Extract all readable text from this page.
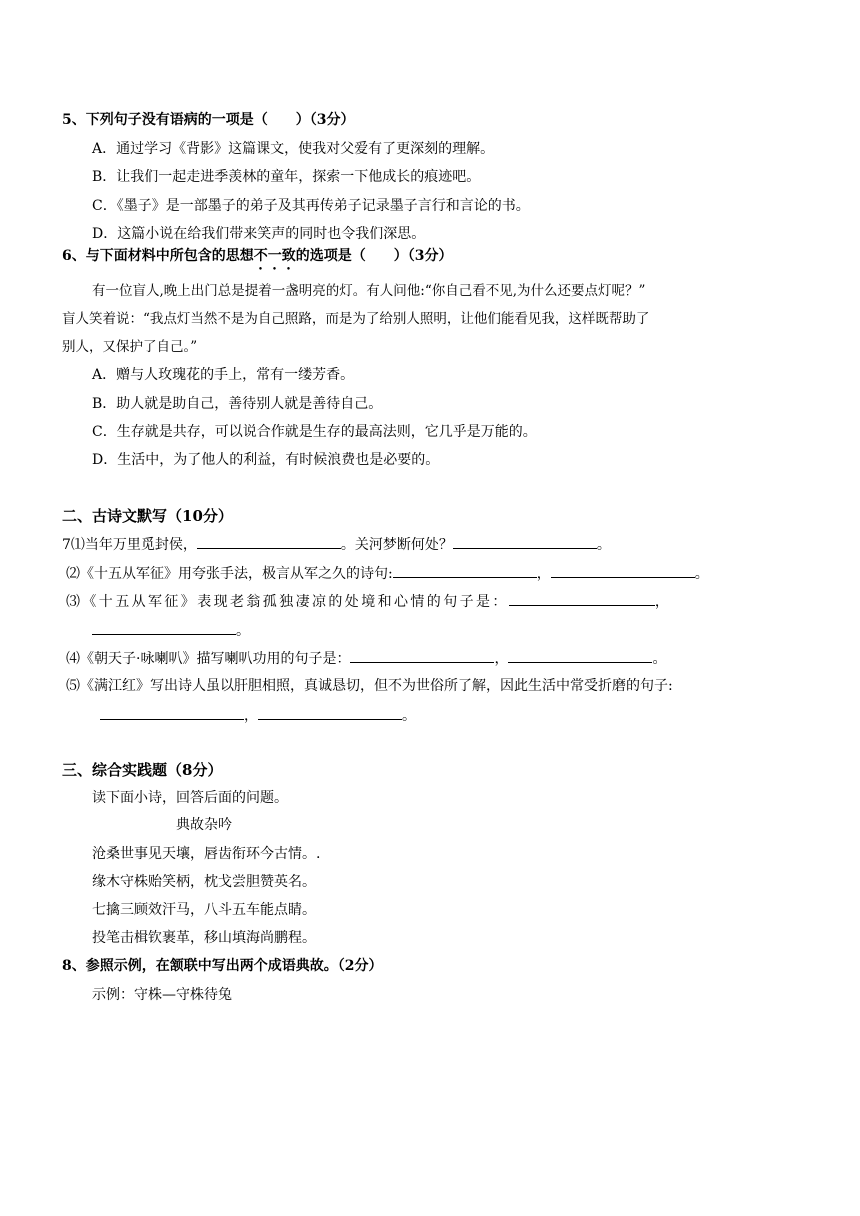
5、下列句子没有语病的一项是（　　）（3分）
A．通过学习《背影》这篇课文，使我对父爱有了更深刻的理解。
B．让我们一起走进季羡林的童年，探索一下他成长的痕迹吧。
C．《墨子》是一部墨子的弟子及其再传弟子记录墨子言行和言论的书。
D．这篇小说在给我们带来笑声的同时也令我们深思。
6、与下面材料中所包含的思想不一致的选项是（　　）（3分）
有一位盲人,晚上出门总是提着一盏明亮的灯。有人问他:“你自己看不见,为什么还要点灯呢？”
盲人笑着说：“我点灯当然不是为自己照路，而是为了给别人照明，让他们能看见我，这样既帮助了
别人，又保护了自己。”
A．赠与人玫瑰花的手上，常有一缕芳香。
B．助人就是助自己，善待别人就是善待自己。
C．生存就是共存，可以说合作就是生存的最高法则，它几乎是万能的。
D．生活中，为了他人的利益，有时候浪费也是必要的。
二、古诗文默写（10分）
7⑴当年万里觅封侯，	。关河梦断何处？	。
⑵《十五从军征》用夸张手法，极言从军之久的诗句:	，	。
⑶《十五从军征》表现老翁孤独凄凉的处境和心情的句子是：	，
。
⑷《朝天子·咏喇叭》描写喇叭功用的句子是：	，	。
⑸《满江红》写出诗人虽以肝胆相照，真诚恳切，但不为世俗所了解，因此生活中常受折磨的句子:
，	。
三、综合实践题（8分）
读下面小诗，回答后面的问题。
典故杂吟
沧桑世事见天壤，唇齿衔环今古情。.
缘木守株贻笑柄，枕戈尝胆赞英名。
七擒三顾效汗马，八斗五车能点睛。
投笔击楫钦裹革，移山填海尚鹏程。
8、参照示例，在颔联中写出两个成语典故。（2分）
示例：守株—守株待兔
